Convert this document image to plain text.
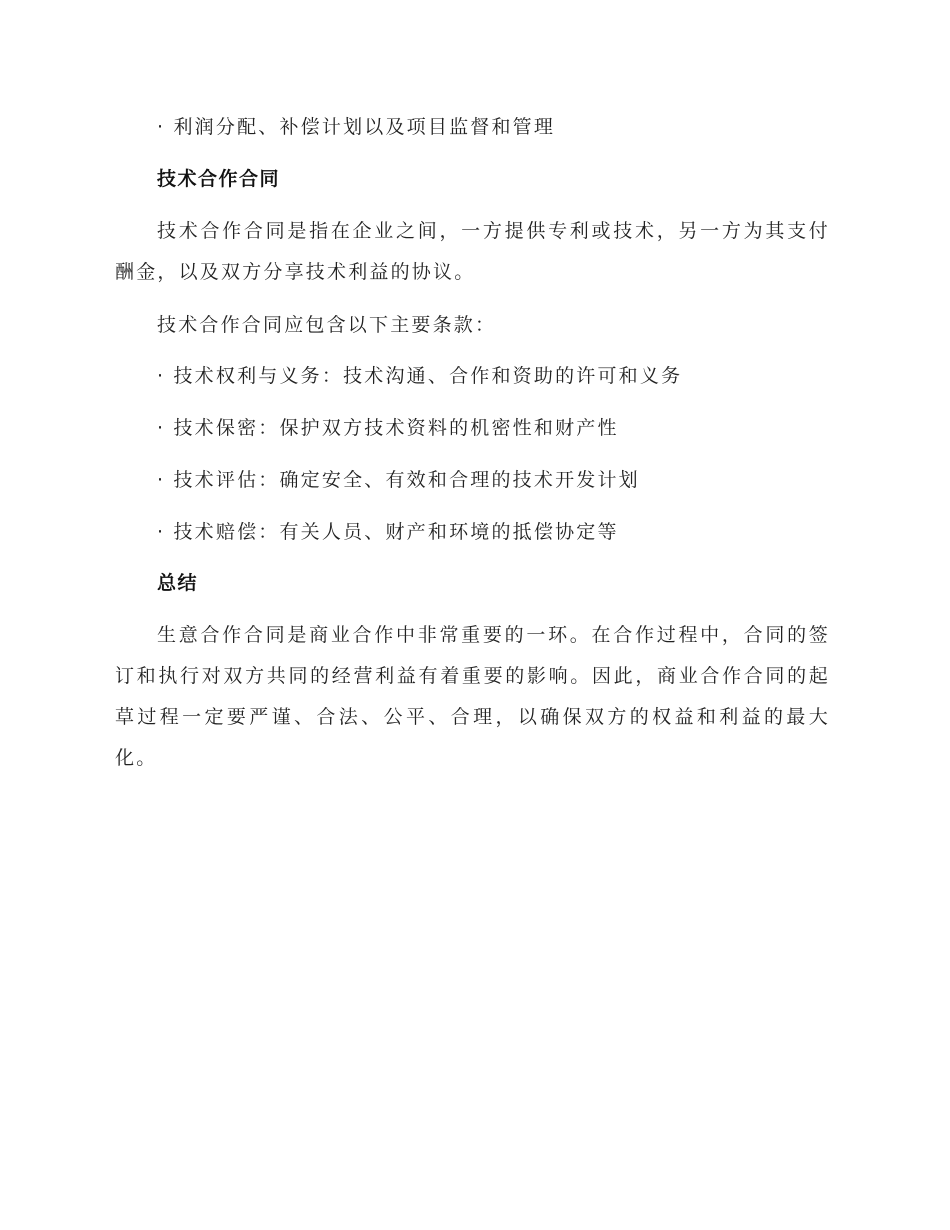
· 利润分配、补偿计划以及项目监督和管理
技术合作合同
技术合作合同是指在企业之间，一方提供专利或技术，另一方为其支付酬金，以及双方分享技术利益的协议。
技术合作合同应包含以下主要条款：
· 技术权利与义务：技术沟通、合作和资助的许可和义务
· 技术保密：保护双方技术资料的机密性和财产性
· 技术评估：确定安全、有效和合理的技术开发计划
· 技术赔偿：有关人员、财产和环境的抵偿协定等
总结
生意合作合同是商业合作中非常重要的一环。在合作过程中，合同的签订和执行对双方共同的经营利益有着重要的影响。因此，商业合作合同的起草过程一定要严谨、合法、公平、合理，以确保双方的权益和利益的最大化。
